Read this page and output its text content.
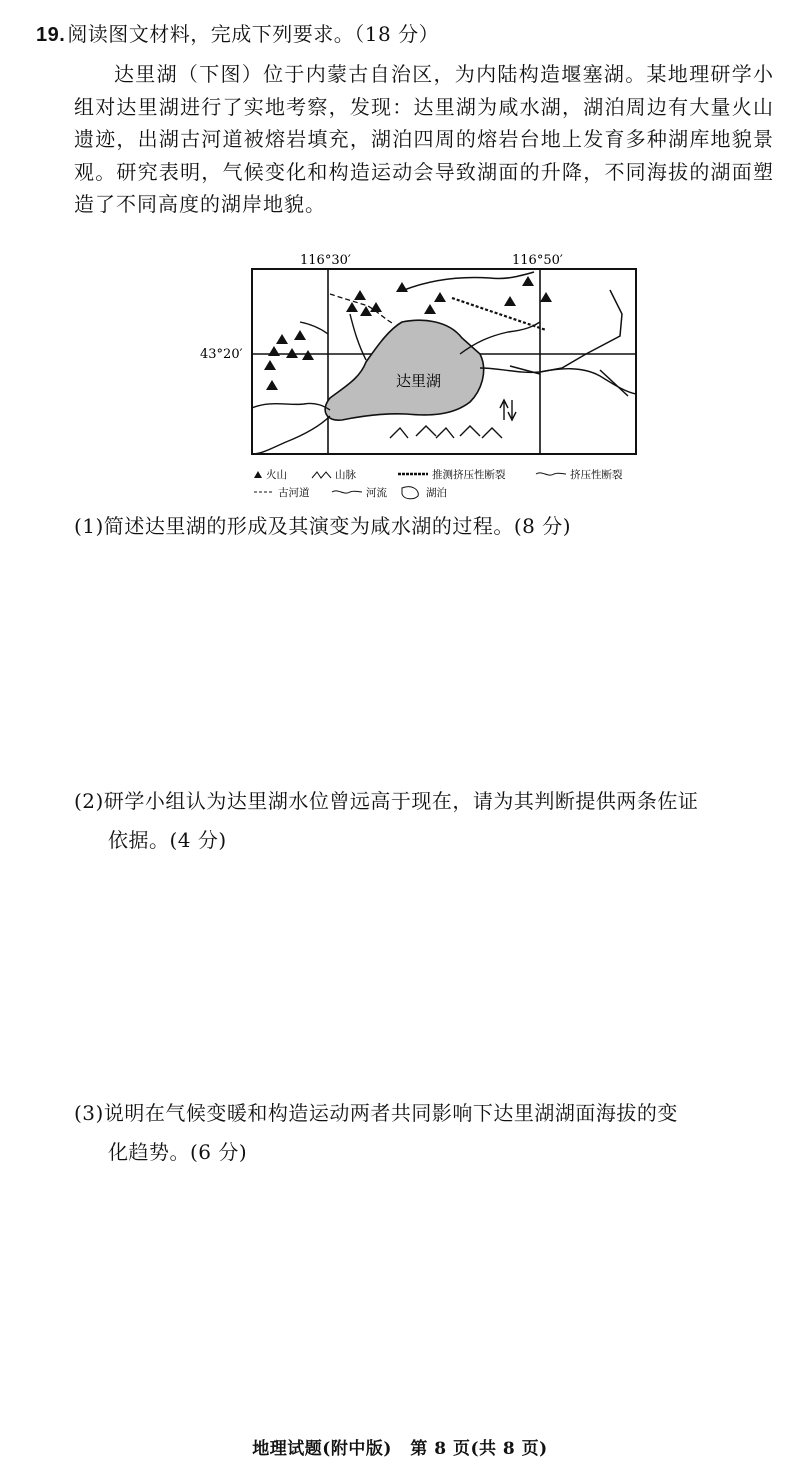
19. 阅读图文材料，完成下列要求。（18 分）
达里湖（下图）位于内蒙古自治区，为内陆构造堰塞湖。某地理研学小组对达里湖进行了实地考察，发现：达里湖为咸水湖，湖泊周边有大量火山遗迹，出湖古河道被熔岩填充，湖泊四周的熔岩台地上发育多种湖库地貌景观。研究表明，气候变化和构造运动会导致湖面的升降，不同海拔的湖面塑造了不同高度的湖岸地貌。
116°30′	116°50′
43°20′
达里湖
火山	山脉	推测挤压性断裂	挤压性断裂
古河道	河流	湖泊
(1)简述达里湖的形成及其演变为咸水湖的过程。(8 分)
(2)研学小组认为达里湖水位曾远高于现在，请为其判断提供两条佐证
依据。(4 分)
(3)说明在气候变暖和构造运动两者共同影响下达里湖湖面海拔的变
化趋势。(6 分)
地理试题(附中版) 第 8 页(共 8 页)
